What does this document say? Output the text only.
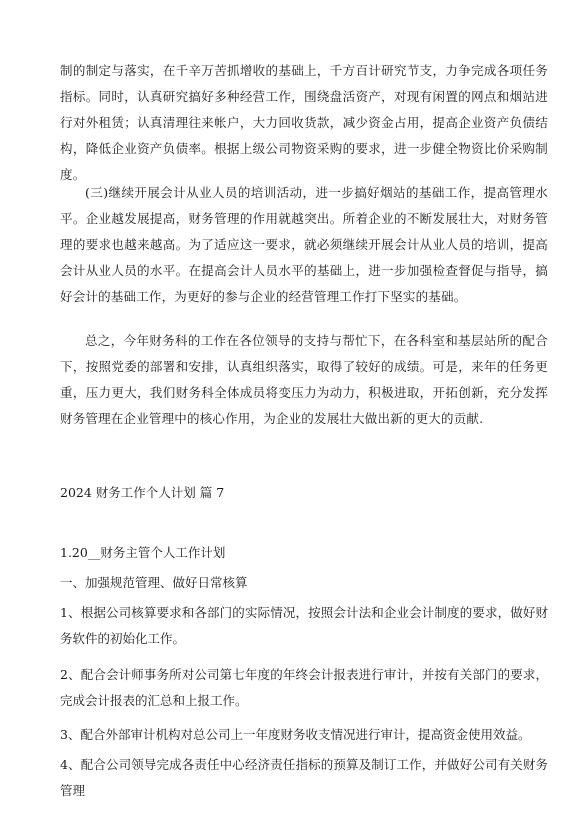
制的制定与落实，在千辛万苦抓增收的基础上，千方百计研究节支，力争完成各项任务指标。同时，认真研究搞好多种经营工作，围绕盘活资产，对现有闲置的网点和烟站进行对外租赁；认真清理往来帐户，大力回收货款，减少资金占用，提高企业资产负债结构，降低企业资产负债率。根据上级公司物资采购的要求，进一步健全物资比价采购制度。

(三)继续开展会计从业人员的培训活动，进一步搞好烟站的基础工作，提高管理水平。企业越发展提高，财务管理的作用就越突出。所着企业的不断发展壮大，对财务管理的要求也越来越高。为了适应这一要求，就必须继续开展会计从业人员的培训，提高会计从业人员的水平。在提高会计人员水平的基础上，进一步加强检查督促与指导，搞好会计的基础工作，为更好的参与企业的经营管理工作打下坚实的基础。

总之，今年财务科的工作在各位领导的支持与帮忙下，在各科室和基层站所的配合下，按照党委的部署和安排，认真组织落实，取得了较好的成绩。可是，来年的任务更重，压力更大，我们财务科全体成员将变压力为动力，积极进取，开拓创新，充分发挥财务管理在企业管理中的核心作用，为企业的发展壮大做出新的更大的贡献.

2024 财务工作个人计划 篇 7

1.20__财务主管个人工作计划

一、加强规范管理、做好日常核算

1、根据公司核算要求和各部门的实际情况，按照会计法和企业会计制度的要求，做好财务软件的初始化工作。

2、配合会计师事务所对公司第七年度的年终会计报表进行审计，并按有关部门的要求，完成会计报表的汇总和上报工作。

3、配合外部审计机构对总公司上一年度财务收支情况进行审计，提高资金使用效益。

4、配合公司领导完成各责任中心经济责任指标的预算及制订工作，并做好公司有关财务管理
